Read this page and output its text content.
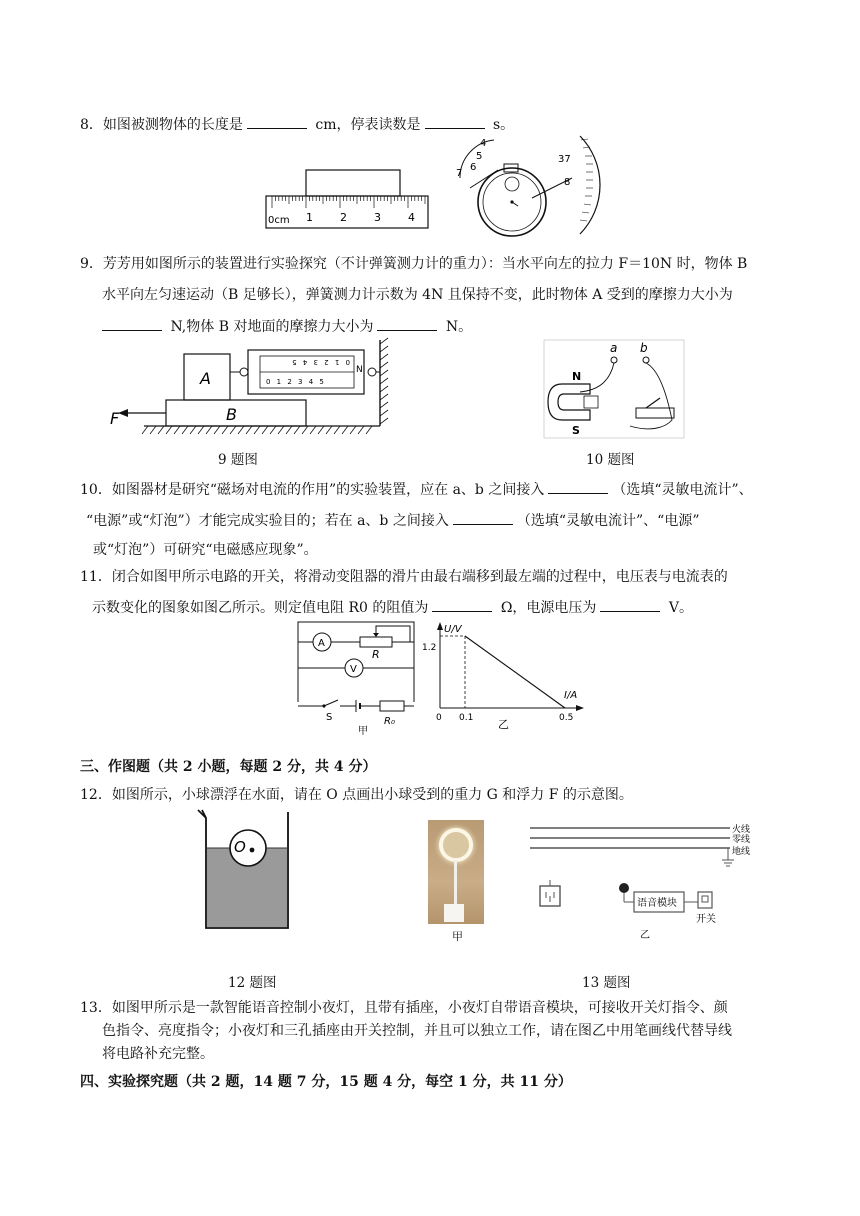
8．如图被测物体的长度是	cm，停表读数是	s。
0cm 1 2 3 4
4
5
6
7
37
8
9．芳芳用如图所示的装置进行实验探究（不计弹簧测力计的重力）：当水平向左的拉力 F＝10N 时，物体 B
水平向左匀速运动（B 足够长），弹簧测力计示数为 4N 且保持不变，此时物体 A 受到的摩擦力大小为
N,物体 B 对地面的摩擦力大小为	N。
B
A
0 1 2 3 4 5
0 1 2 3 4 5
N
F
a b
N
S
9 题图	10 题图
10．如图器材是研究“磁场对电流的作用”的实验装置，应在 a、b 之间接入	（选填“灵敏电流计”、
“电源”或“灯泡”）才能完成实验目的；若在 a、b 之间接入	（选填“灵敏电流计”、“电源”
或“灯泡”）可研究“电磁感应现象”。
11．闭合如图甲所示电路的开关，将滑动变阻器的滑片由最右端移到最左端的过程中，电压表与电流表的
示数变化的图象如图乙所示。则定值电阻 R0 的阻值为	Ω，电源电压为	V。
A
R
V
S	R₀
甲
U/V
I/A
1.2
0 0.1	0.5
乙
三、作图题（共 2 小题，每题 2 分，共 4 分）
12．如图所示，小球漂浮在水面，请在 O 点画出小球受到的重力 G 和浮力 F 的示意图。
O
甲
火线
零线
地线
语音模块
开关
乙
12 题图	13 题图
13．如图甲所示是一款智能语音控制小夜灯，且带有插座，小夜灯自带语音模块，可接收开关灯指令、颜
色指令、亮度指令；小夜灯和三孔插座由开关控制，并且可以独立工作，请在图乙中用笔画线代替导线
将电路补充完整。
四、实验探究题（共 2 题，14 题 7 分，15 题 4 分，每空 1 分，共 11 分）
